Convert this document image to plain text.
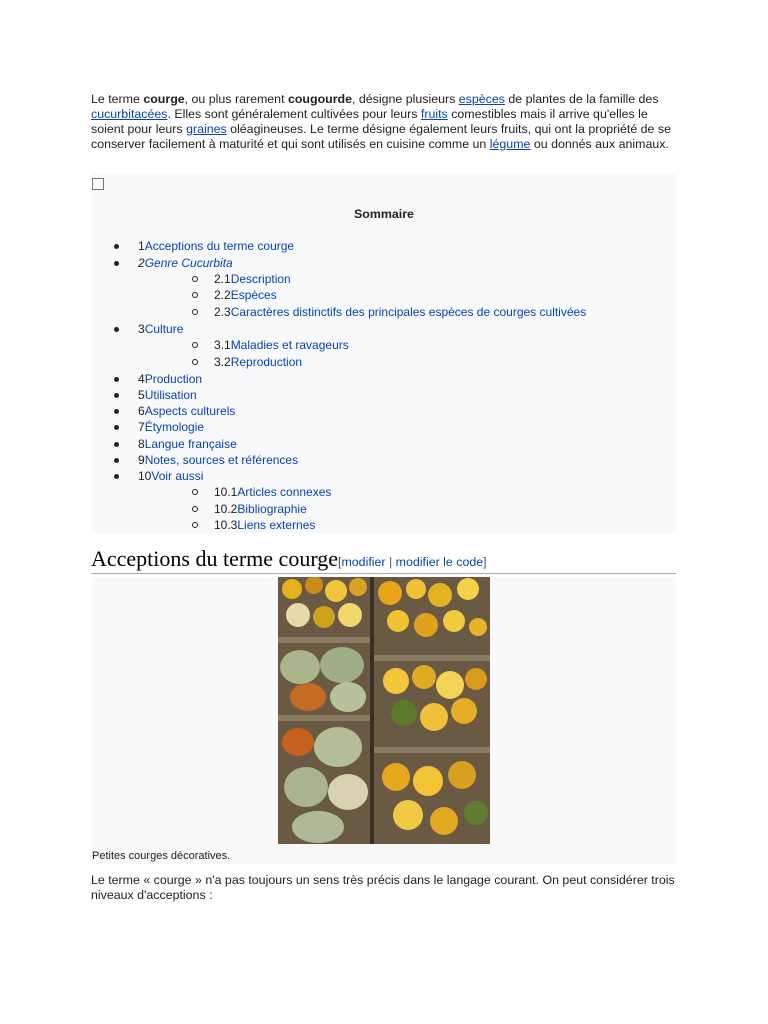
Le terme courge, ou plus rarement cougourde, désigne plusieurs espèces de plantes de la famille des cucurbitacées. Elles sont généralement cultivées pour leurs fruits comestibles mais il arrive qu'elles le soient pour leurs graines oléagineuses. Le terme désigne également leurs fruits, qui ont la propriété de se conserver facilement à maturité et qui sont utilisés en cuisine comme un légume ou donnés aux animaux.
Sommaire
1Acceptions du terme courge
2Genre Cucurbita
2.1Description
2.2Espèces
2.3Caractères distinctifs des principales espèces de courges cultivées
3Culture
3.1Maladies et ravageurs
3.2Reproduction
4Production
5Utilisation
6Aspects culturels
7Étymologie
8Langue française
9Notes, sources et références
10Voir aussi
10.1Articles connexes
10.2Bibliographie
10.3Liens externes
Acceptions du terme courge[modifier | modifier le code]
Petites courges décoratives.
Le terme « courge » n'a pas toujours un sens très précis dans le langage courant. On peut considérer trois niveaux d'acceptions :
